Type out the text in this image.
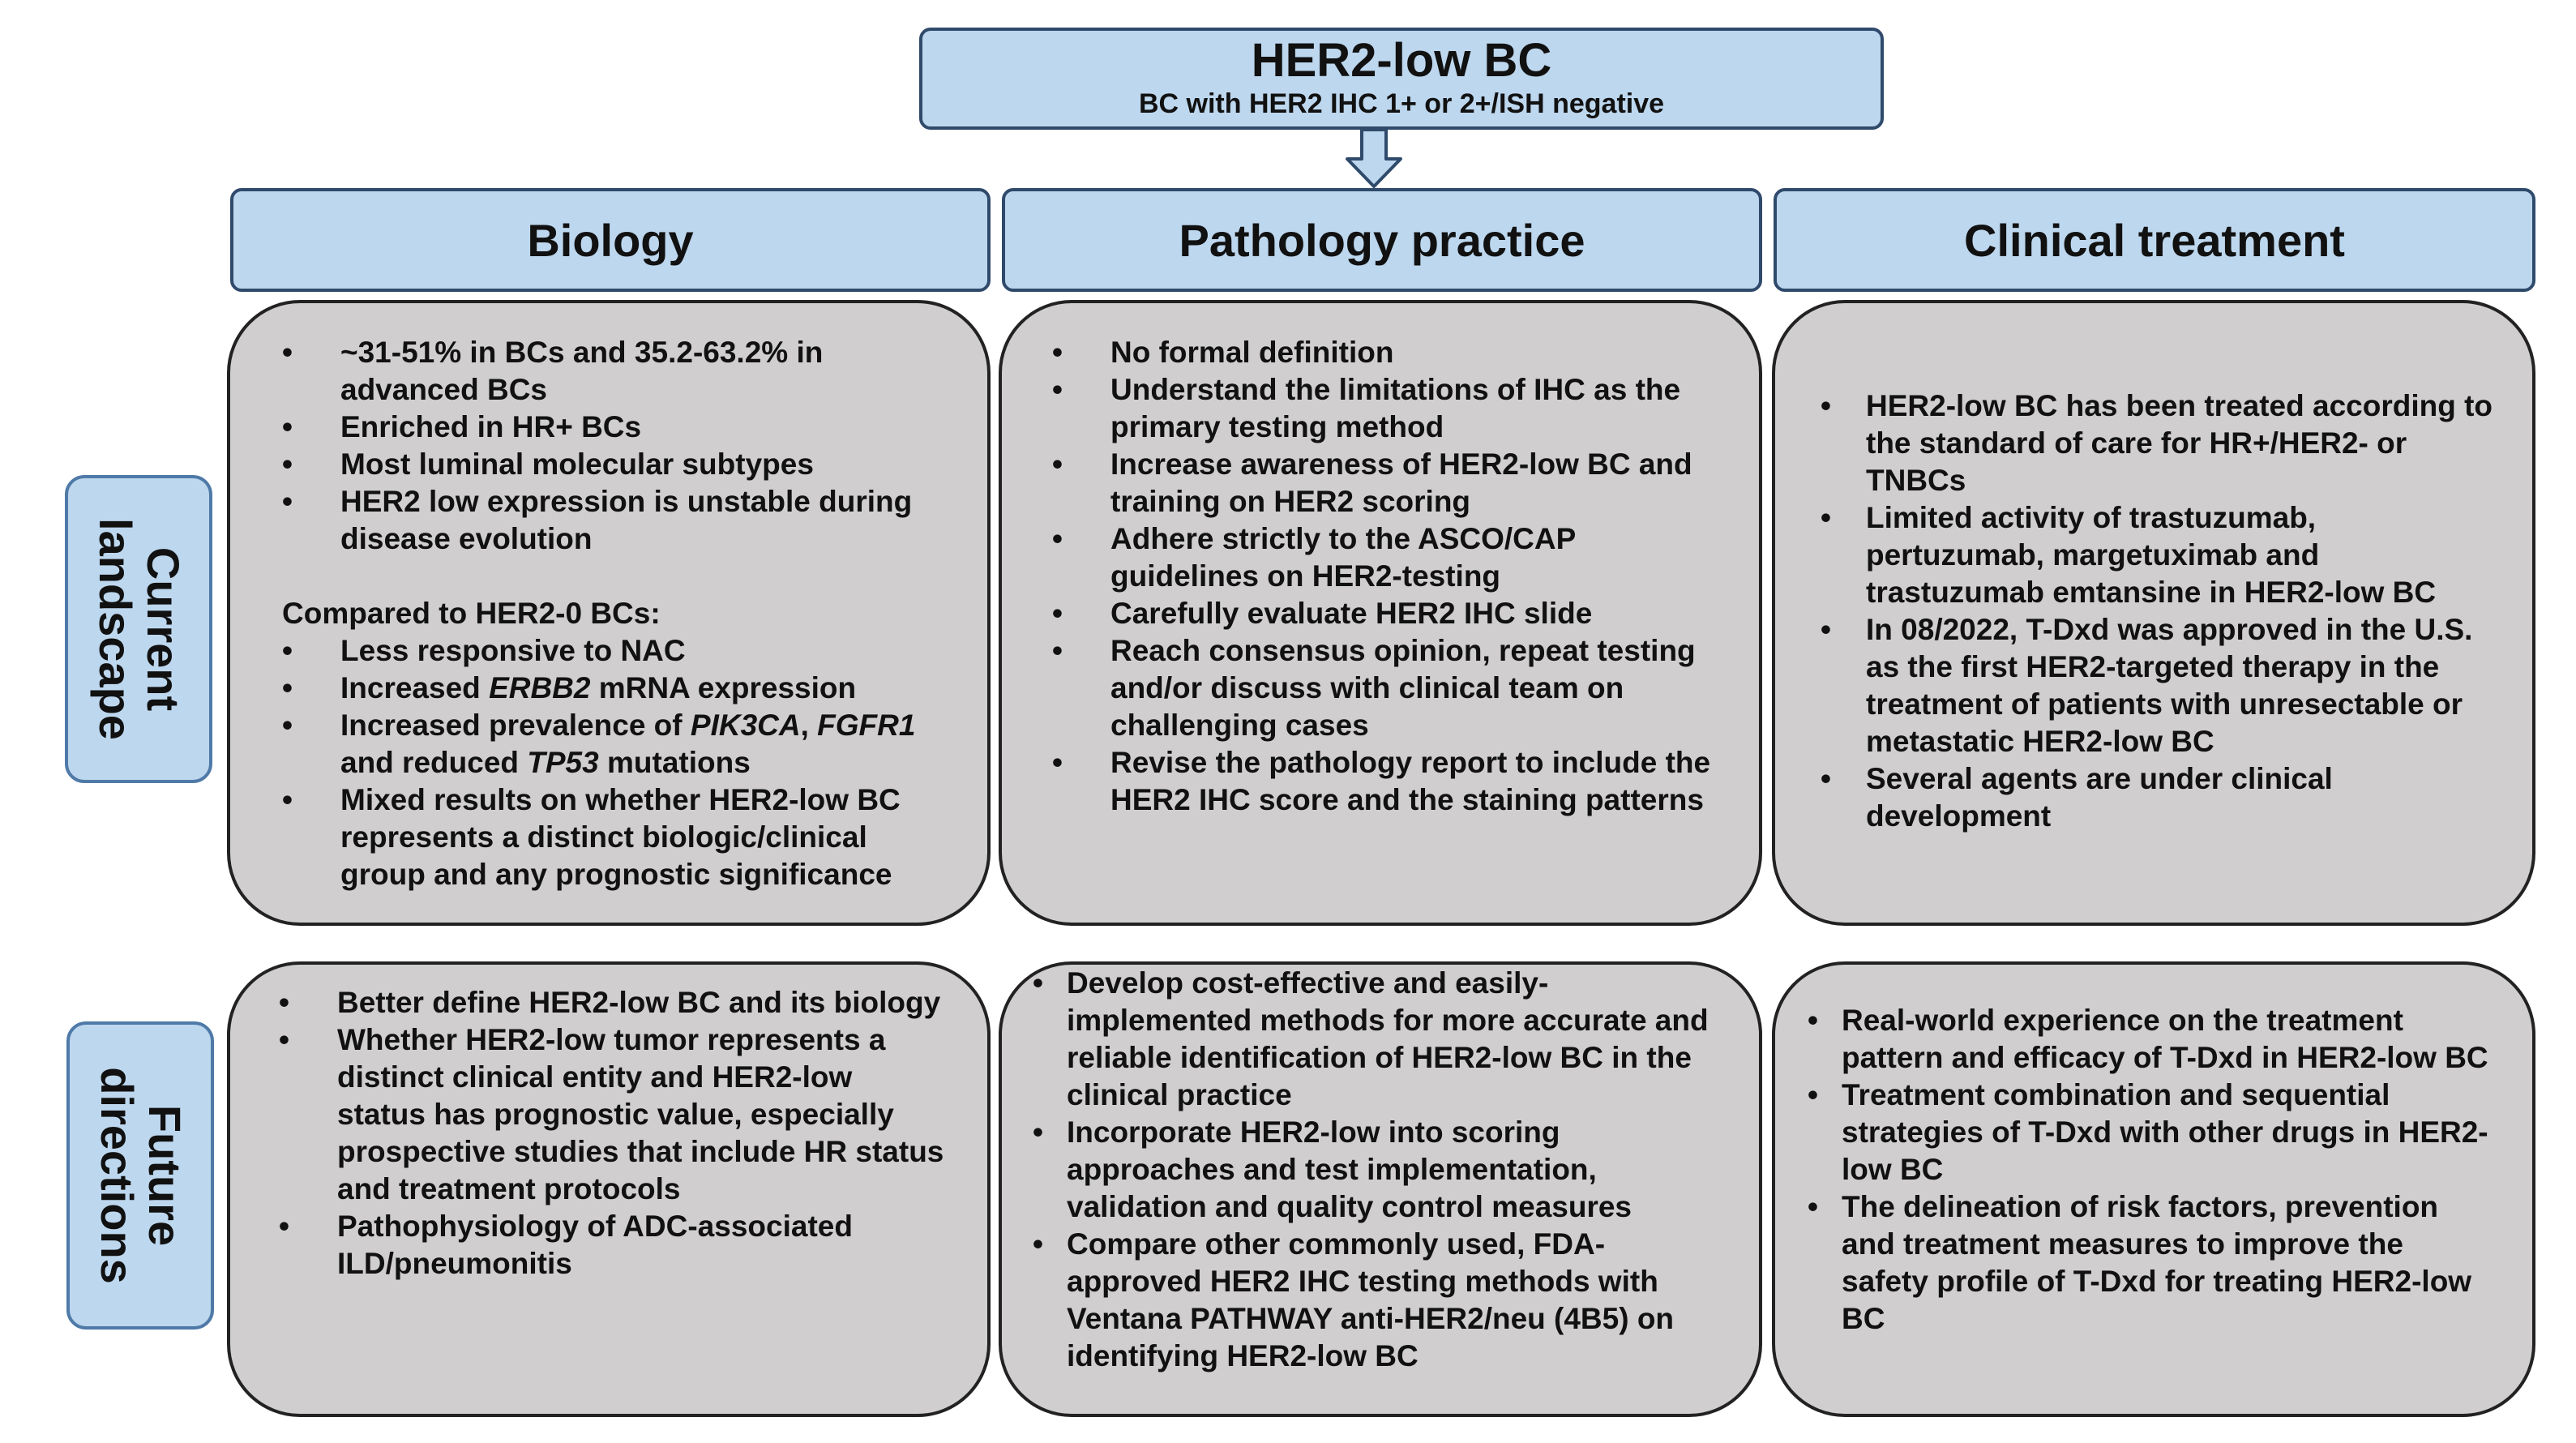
HER2-low BC
BC with HER2 IHC 1+ or 2+/ISH negative
Biology	Pathology practice	Clinical treatment
Current
landscape
Future
directions
• ~31-51% in BCs and 35.2-63.2% in advanced BCs
• Enriched in HR+ BCs
• Most luminal molecular subtypes
• HER2 low expression is unstable during disease evolution
Compared to HER2-0 BCs:
• Less responsive to NAC
• Increased ERBB2 mRNA expression
• Increased prevalence of PIK3CA, FGFR1 and reduced TP53 mutations
• Mixed results on whether HER2-low BC represents a distinct biologic/clinical group and any prognostic significance
• No formal definition
• Understand the limitations of IHC as the primary testing method
• Increase awareness of HER2-low BC and training on HER2 scoring
• Adhere strictly to the ASCO/CAP guidelines on HER2-testing
• Carefully evaluate HER2 IHC slide
• Reach consensus opinion, repeat testing and/or discuss with clinical team on challenging cases
• Revise the pathology report to include the HER2 IHC score and the staining patterns
• HER2-low BC has been treated according to the standard of care for HR+/HER2- or TNBCs
• Limited activity of trastuzumab, pertuzumab, margetuximab and trastuzumab emtansine in HER2-low BC
• In 08/2022, T-Dxd was approved in the U.S. as the first HER2-targeted therapy in the treatment of patients with unresectable or metastatic HER2-low BC
• Several agents are under clinical development
• Better define HER2-low BC and its biology
• Whether HER2-low tumor represents a distinct clinical entity and HER2-low status has prognostic value, especially prospective studies that include HR status and treatment protocols
• Pathophysiology of ADC-associated ILD/pneumonitis
• Develop cost-effective and easily-implemented methods for more accurate and reliable identification of HER2-low BC in the clinical practice
• Incorporate HER2-low into scoring approaches and test implementation, validation and quality control measures
• Compare other commonly used, FDA-approved HER2 IHC testing methods with Ventana PATHWAY anti-HER2/neu (4B5) on identifying HER2-low BC
• Real-world experience on the treatment pattern and efficacy of T-Dxd in HER2-low BC
• Treatment combination and sequential strategies of T-Dxd with other drugs in HER2-low BC
• The delineation of risk factors, prevention and treatment measures to improve the safety profile of T-Dxd for treating HER2-low BC
